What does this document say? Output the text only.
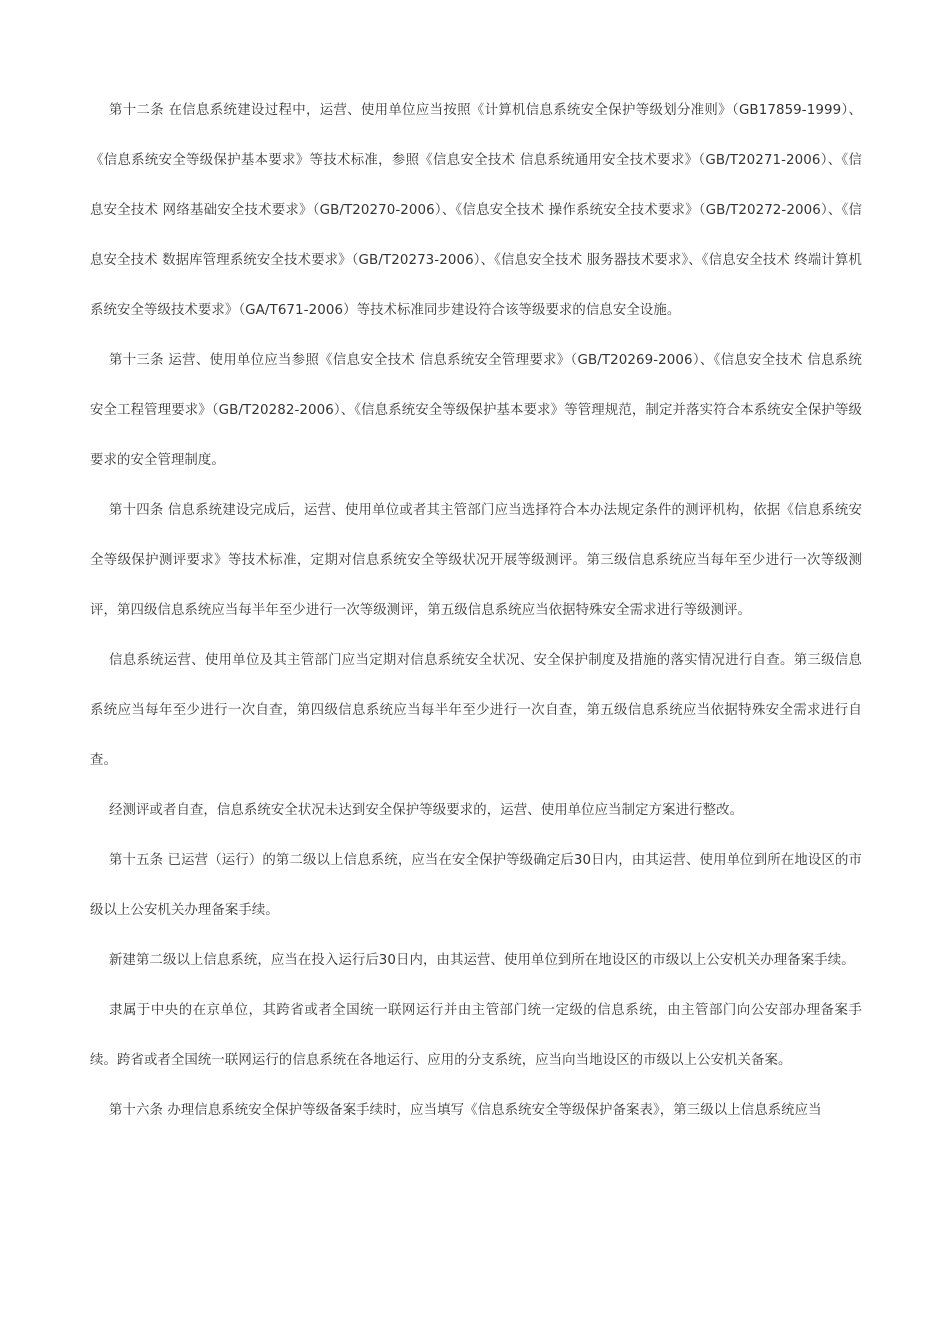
第十二条 在信息系统建设过程中，运营、使用单位应当按照《计算机信息系统安全保护等级划分准则》（GB17859-1999）、《信息系统安全等级保护基本要求》等技术标准，参照《信息安全技术 信息系统通用安全技术要求》（GB/T20271-2006）、《信息安全技术 网络基础安全技术要求》（GB/T20270-2006）、《信息安全技术 操作系统安全技术要求》（GB/T20272-2006）、《信息安全技术 数据库管理系统安全技术要求》（GB/T20273-2006）、《信息安全技术 服务器技术要求》、《信息安全技术 终端计算机系统安全等级技术要求》（GA/T671-2006）等技术标准同步建设符合该等级要求的信息安全设施。

第十三条 运营、使用单位应当参照《信息安全技术 信息系统安全管理要求》（GB/T20269-2006）、《信息安全技术 信息系统安全工程管理要求》（GB/T20282-2006）、《信息系统安全等级保护基本要求》等管理规范，制定并落实符合本系统安全保护等级要求的安全管理制度。

第十四条 信息系统建设完成后，运营、使用单位或者其主管部门应当选择符合本办法规定条件的测评机构，依据《信息系统安全等级保护测评要求》等技术标准，定期对信息系统安全等级状况开展等级测评。第三级信息系统应当每年至少进行一次等级测评，第四级信息系统应当每半年至少进行一次等级测评，第五级信息系统应当依据特殊安全需求进行等级测评。

信息系统运营、使用单位及其主管部门应当定期对信息系统安全状况、安全保护制度及措施的落实情况进行自查。第三级信息系统应当每年至少进行一次自查，第四级信息系统应当每半年至少进行一次自查，第五级信息系统应当依据特殊安全需求进行自查。

经测评或者自查，信息系统安全状况未达到安全保护等级要求的，运营、使用单位应当制定方案进行整改。

第十五条 已运营（运行）的第二级以上信息系统，应当在安全保护等级确定后30日内，由其运营、使用单位到所在地设区的市级以上公安机关办理备案手续。

新建第二级以上信息系统，应当在投入运行后30日内，由其运营、使用单位到所在地设区的市级以上公安机关办理备案手续。

隶属于中央的在京单位，其跨省或者全国统一联网运行并由主管部门统一定级的信息系统，由主管部门向公安部办理备案手续。跨省或者全国统一联网运行的信息系统在各地运行、应用的分支系统，应当向当地设区的市级以上公安机关备案。

第十六条 办理信息系统安全保护等级备案手续时，应当填写《信息系统安全等级保护备案表》，第三级以上信息系统应当
